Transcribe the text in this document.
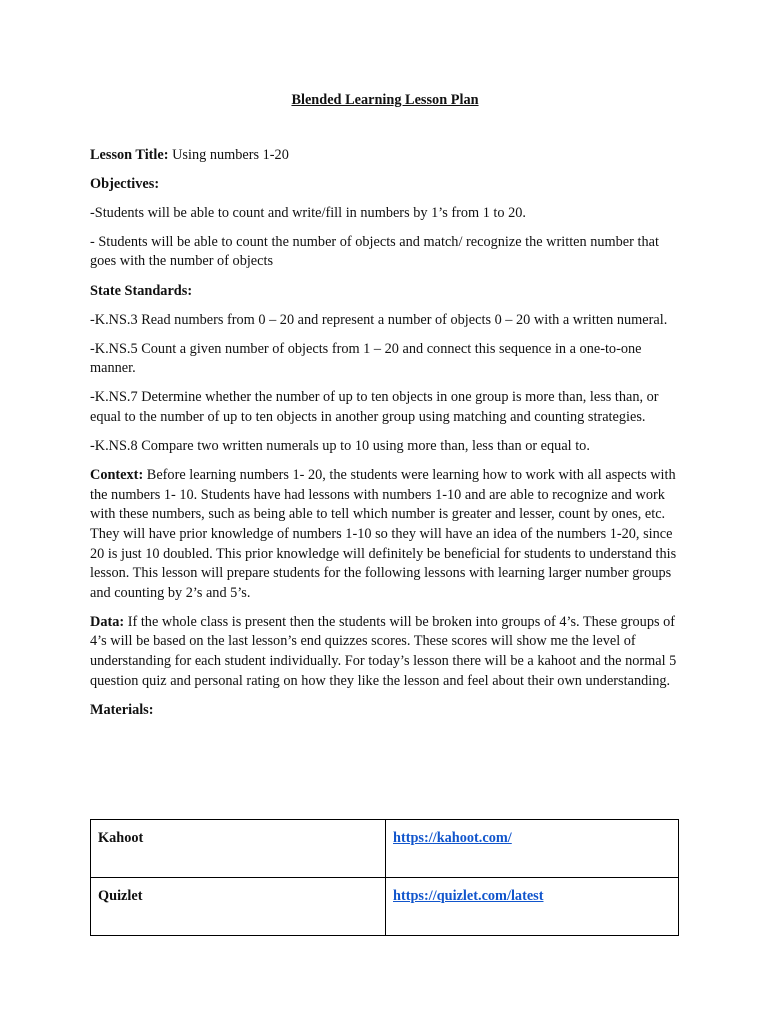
Blended Learning Lesson Plan

Lesson Title: Using numbers 1-20

Objectives:

-Students will be able to count and write/fill in numbers by 1’s from 1 to 20.

- Students will be able to count the number of objects and match/ recognize the written number that goes with the number of objects

State Standards:

-K.NS.3 Read numbers from 0 – 20 and represent a number of objects 0 – 20 with a written numeral.

-K.NS.5 Count a given number of objects from 1 – 20 and connect this sequence in a one-to-one manner.

-K.NS.7 Determine whether the number of up to ten objects in one group is more than, less than, or equal to the number of up to ten objects in another group using matching and counting strategies.

-K.NS.8 Compare two written numerals up to 10 using more than, less than or equal to.

Context: Before learning numbers 1- 20, the students were learning how to work with all aspects with the numbers 1- 10. Students have had lessons with numbers 1-10 and are able to recognize and work with these numbers, such as being able to tell which number is greater and lesser, count by ones, etc. They will have prior knowledge of numbers 1-10 so they will have an idea of the numbers 1-20, since 20 is just 10 doubled. This prior knowledge will definitely be beneficial for students to understand this lesson. This lesson will prepare students for the following lessons with learning larger number groups and counting by 2’s and 5’s.

Data: If the whole class is present then the students will be broken into groups of 4’s. These groups of 4’s will be based on the last lesson’s end quizzes scores. These scores will show me the level of understanding for each student individually. For today’s lesson there will be a kahoot and the normal 5 question quiz and personal rating on how they like the lesson and feel about their own understanding.

Materials:

Kahoot	https://kahoot.com/
Quizlet	https://quizlet.com/latest
